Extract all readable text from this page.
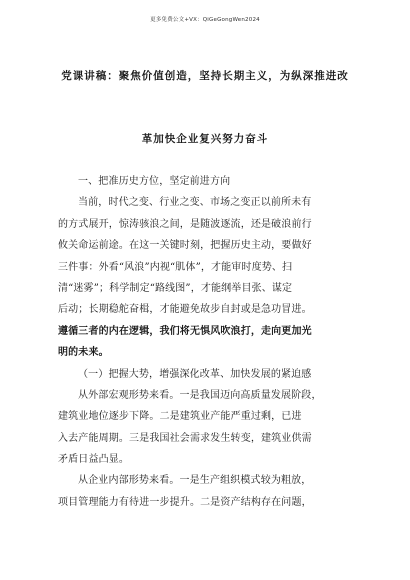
更多免费公文+VX：QiGeGongWen2024
党课讲稿：聚焦价值创造，坚持长期主义，为纵深推进改
革加快企业复兴努力奋斗
一、把准历史方位，坚定前进方向
当前，时代之变、行业之变、市场之变正以前所未有
的方式展开，惊涛骇浪之间，是随波逐流，还是破浪前行
攸关命运前途。在这一关键时刻，把握历史主动，要做好
三件事：外看“风浪”内视“肌体”，才能审时度势、扫
清“迷雾”；科学制定“路线图”，才能纲举目张、谋定
后动；长期稳舵奋楫，才能避免故步自封或是急功冒进。
遵循三者的内在逻辑，我们将无惧风吹浪打，走向更加光
明的未来。
（一）把握大势，增强深化改革、加快发展的紧迫感
从外部宏观形势来看。一是我国迈向高质量发展阶段，
建筑业地位逐步下降。二是建筑业产能严重过剩，已进
入去产能周期。三是我国社会需求发生转变，建筑业供需
矛盾日益凸显。
从企业内部形势来看。一是生产组织模式较为粗放，
项目管理能力有待进一步提升。二是资产结构存在问题，
